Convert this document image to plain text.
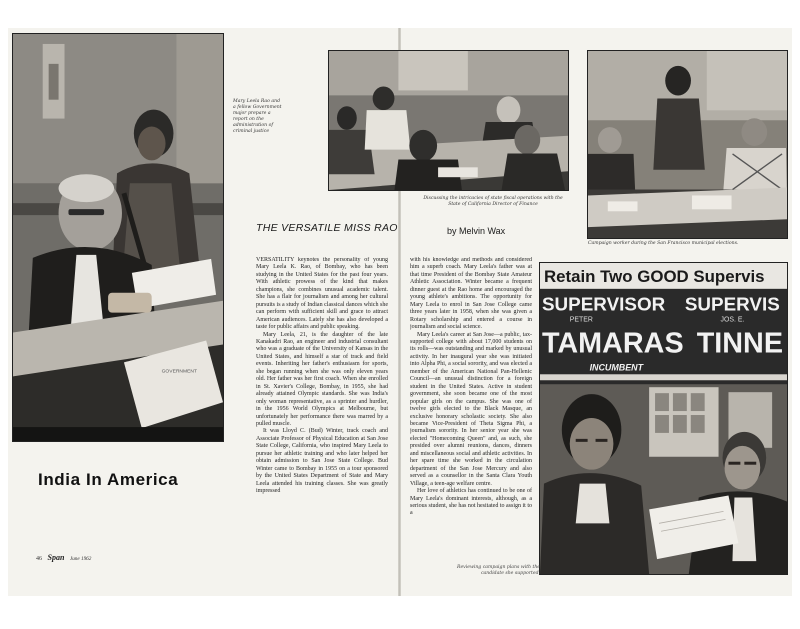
GOVERNMENT
Mary Leela Rao and a fellow Government major prepare a report on the administration of criminal justice
THE VERSATILE MISS RAO
India In America

VERSATILITY keynotes the personality of young Mary Leela K. Rao, of Bombay, who has been studying in the United States for the past four years. With athletic prowess of the kind that makes champions, she combines unusual academic talent. She has a flair for journalism and among her cultural pursuits is a study of Indian classical dances which she can perform with sufficient skill and grace to attract American audiences. Lately she has also developed a taste for public affairs and public speaking.

Mary Leela, 21, is the daughter of the late Kanakadri Rao, an engineer and industrial consultant who was a graduate of the University of Kansas in the United States, and himself a star of track and field events. Inheriting her father's enthusiasm for sports, she began running when she was only eleven years old. Her father was her first coach. When she enrolled in St. Xavier's College, Bombay, in 1955, she had already attained Olympic standards. She was India's only woman representative, as a sprinter and hurdler, in the 1956 World Olympics at Melbourne, but unfortunately her performance there was marred by a pulled muscle.

It was Lloyd C. (Bud) Winter, track coach and Associate Professor of Physical Education at San Jose State College, California, who inspired Mary Leela to pursue her athletic training and who later helped her obtain admission to San Jose State College. Bud Winter came to Bombay in 1955 on a tour sponsored by the United States Department of State and Mary Leela attended his training classes. She was greatly impressed

46 Span June 1962
Discussing the intricacies of state fiscal operations with the State of California Director of Finance
Campaign worker during the San Francisco municipal elections.
by Melvin Wax

with his knowledge and methods and considered him a superb coach. Mary Leela's father was at that time President of the Bombay State Amateur Athletic Association. Winter became a frequent dinner guest at the Rao home and encouraged the young athlete's ambitions. The opportunity for Mary Leela to enrol in San Jose College came three years later in 1958, when she was given a Rotary scholarship and entered a course in journalism and social science.

Mary Leela's career at San Jose—a public, tax-supported college with about 17,000 students on its rolls—was outstanding and marked by unusual activity. In her inaugural year she was initiated into Alpha Phi, a social sorority, and was elected a member of the American National Pan-Hellenic Council—an unusual distinction for a foreign student in the United States. Active in student government, she soon became one of the most popular girls on the campus. She was one of twelve girls elected to the Black Masque, an exclusive honorary scholastic society. She also became Vice-President of Theta Sigma Phi, a journalism sorority. In her senior year she was elected "Homecoming Queen" and, as such, she presided over alumni reunions, dances, dinners and miscellaneous social and athletic activities. In her spare time she worked in the circulation department of the San Jose Mercury and also served as a counsellor in the Santa Clara Youth Village, a teen-age welfare centre.

Her love of athletics has continued to be one of Mary Leela's dominant interests, although, as a serious student, she has not hesitated to assign it to a

Retain Two GOOD Supervis
SUPERVISOR SUPERVIS
PETER	JOS. E.
TAMARAS TINNE
INCUMBENT
Reviewing campaign plans with the candidate she supported.
